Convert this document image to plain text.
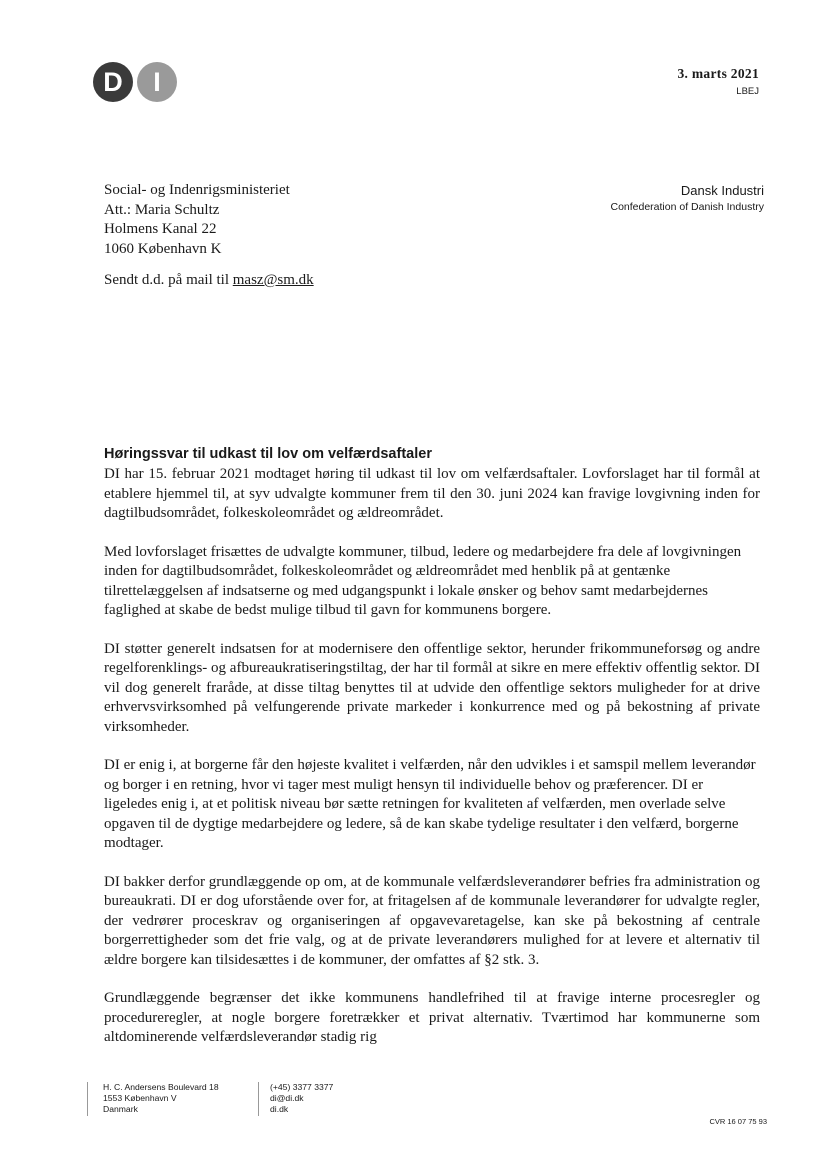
D	I	3. marts 2021
LBEJ
Social- og Indenrigsministeriet
Att.: Maria Schultz
Holmens Kanal 22
1060 København K
Dansk Industri
Confederation of Danish Industry
Sendt d.d. på mail til masz@sm.dk
Høringssvar til udkast til lov om velfærdsaftaler

DI har 15. februar 2021 modtaget høring til udkast til lov om velfærdsaftaler. Lovforslaget har til formål at etablere hjemmel til, at syv udvalgte kommuner frem til den 30. juni 2024 kan fravige lovgivning inden for dagtilbudsområdet, folkeskoleområdet og ældreområdet.

Med lovforslaget frisættes de udvalgte kommuner, tilbud, ledere og medarbejdere fra dele af lovgivningen inden for dagtilbudsområdet, folkeskoleområdet og ældreområdet med henblik på at gentænke tilrettelæggelsen af indsatserne og med udgangspunkt i lokale ønsker og behov samt medarbejdernes faglighed at skabe de bedst mulige tilbud til gavn for kommunens borgere.

DI støtter generelt indsatsen for at modernisere den offentlige sektor, herunder frikommuneforsøg og andre regelforenklings- og afbureaukratiseringstiltag, der har til formål at sikre en mere effektiv offentlig sektor. DI vil dog generelt fraråde, at disse tiltag benyttes til at udvide den offentlige sektors muligheder for at drive erhvervsvirksomhed på velfungerende private markeder i konkurrence med og på bekostning af private virksomheder.

DI er enig i, at borgerne får den højeste kvalitet i velfærden, når den udvikles i et samspil mellem leverandør og borger i en retning, hvor vi tager mest muligt hensyn til individuelle behov og præferencer. DI er ligeledes enig i, at et politisk niveau bør sætte retningen for kvaliteten af velfærden, men overlade selve opgaven til de dygtige medarbejdere og ledere, så de kan skabe tydelige resultater i den velfærd, borgerne modtager.

DI bakker derfor grundlæggende op om, at de kommunale velfærdsleverandører befries fra administration og bureaukrati. DI er dog uforstående over for, at fritagelsen af de kommunale leverandører for udvalgte regler, der vedrører proceskrav og organiseringen af opgavevaretagelse, kan ske på bekostning af centrale borgerrettigheder som det frie valg, og at de private leverandørers mulighed for at levere et alternativ til ældre borgere kan tilsidesættes i de kommuner, der omfattes af §2 stk. 3.

Grundlæggende begrænser det ikke kommunens handlefrihed til at fravige interne procesregler og procedureregler, at nogle borgere foretrækker et privat alternativ. Tværtimod har kommunerne som altdominerende velfærdsleverandør stadig rig

H. C. Andersens Boulevard 18
1553 København V
Danmark
(+45) 3377 3377
di@di.dk
di.dk
CVR 16 07 75 93
